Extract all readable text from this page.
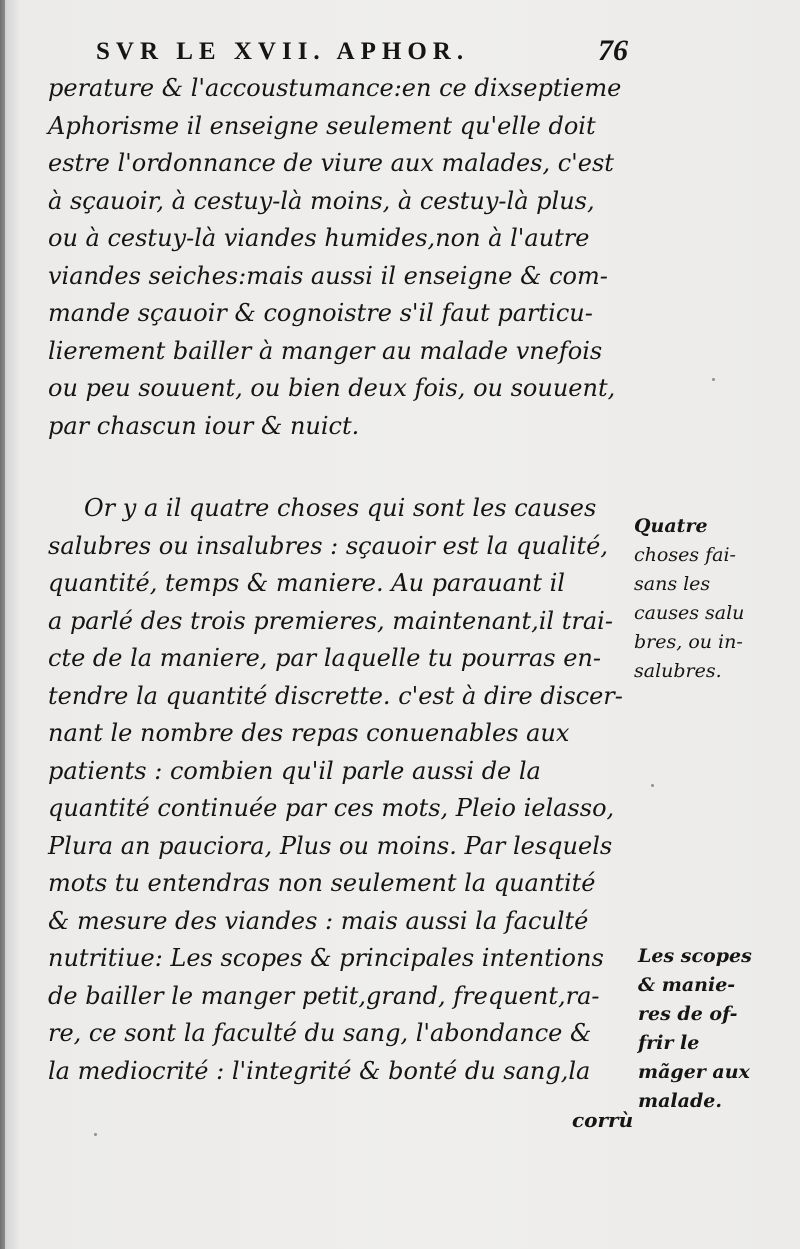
SVR LE XVII. APHOR.	76
perature & l'accoustumance:en ce dixseptieme
Aphorisme il enseigne seulement qu'elle doit
estre l'ordonnance de viure aux malades, c'est
à sçauoir, à cestuy-là moins, à cestuy-là plus,
ou à cestuy-là viandes humides,non à l'autre
viandes seiches:mais aussi il enseigne & com-
mande sçauoir & cognoistre s'il faut particu-
lierement bailler à manger au malade vnefois
ou peu souuent, ou bien deux fois, ou souuent,
par chascun iour & nuict.
Or y a il quatre choses qui sont les causes
salubres ou insalubres : sçauoir est la qualité,
quantité, temps & maniere. Au parauant il
a parlé des trois premieres, maintenant,il trai-
cte de la maniere, par laquelle tu pourras en-
tendre la quantité discrette. c'est à dire discer-
nant le nombre des repas conuenables aux
patients : combien qu'il parle aussi de la
quantité continuée par ces mots, Pleio ielasso,
Plura an pauciora, Plus ou moins. Par lesquels
mots tu entendras non seulement la quantité
& mesure des viandes : mais aussi la faculté
nutritiue: Les scopes & principales intentions
de bailler le manger petit,grand, frequent,ra-
re, ce sont la faculté du sang, l'abondance &
la mediocrité : l'integrité & bonté du sang,la
Quatre
choses fai-
sans les
causes salu
bres, ou in-
salubres.
Les scopes
& manie-
res de of-
frir le
mãger aux
malade.
corrù
